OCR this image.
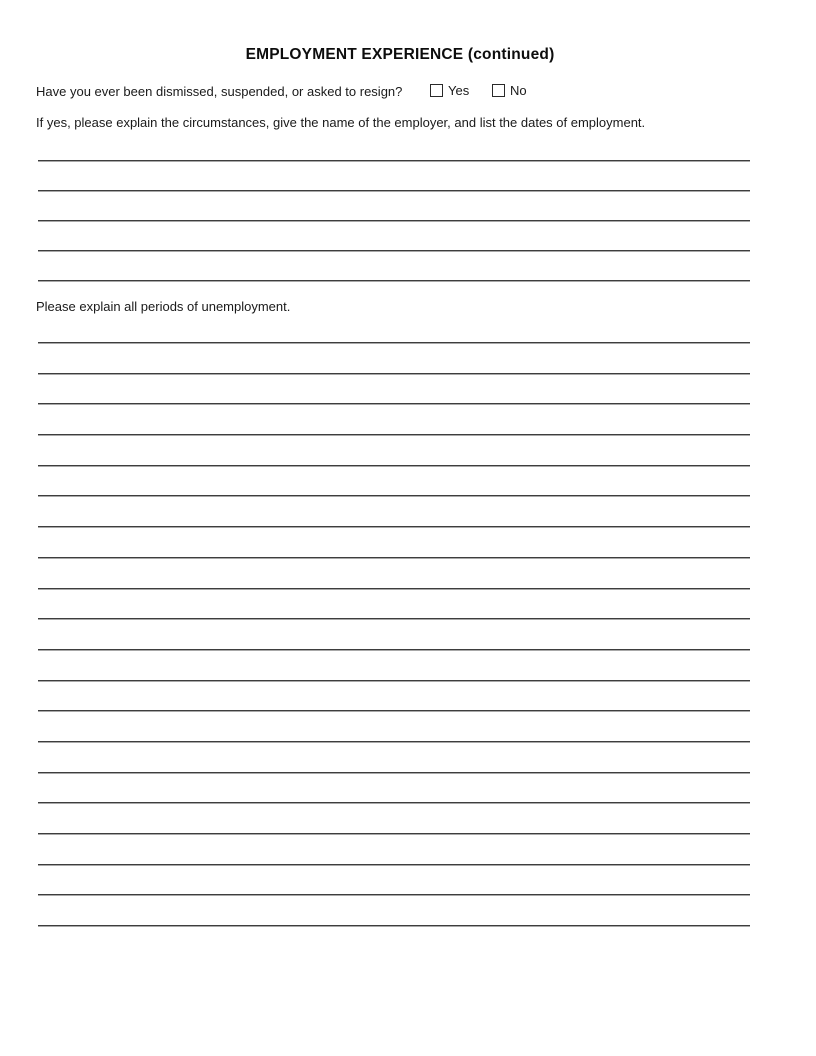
EMPLOYMENT EXPERIENCE (continued)
Have you ever been dismissed, suspended, or asked to resign?	Yes	No

If yes, please explain the circumstances, give the name of the employer, and list the dates of employment.

Please explain all periods of unemployment.
